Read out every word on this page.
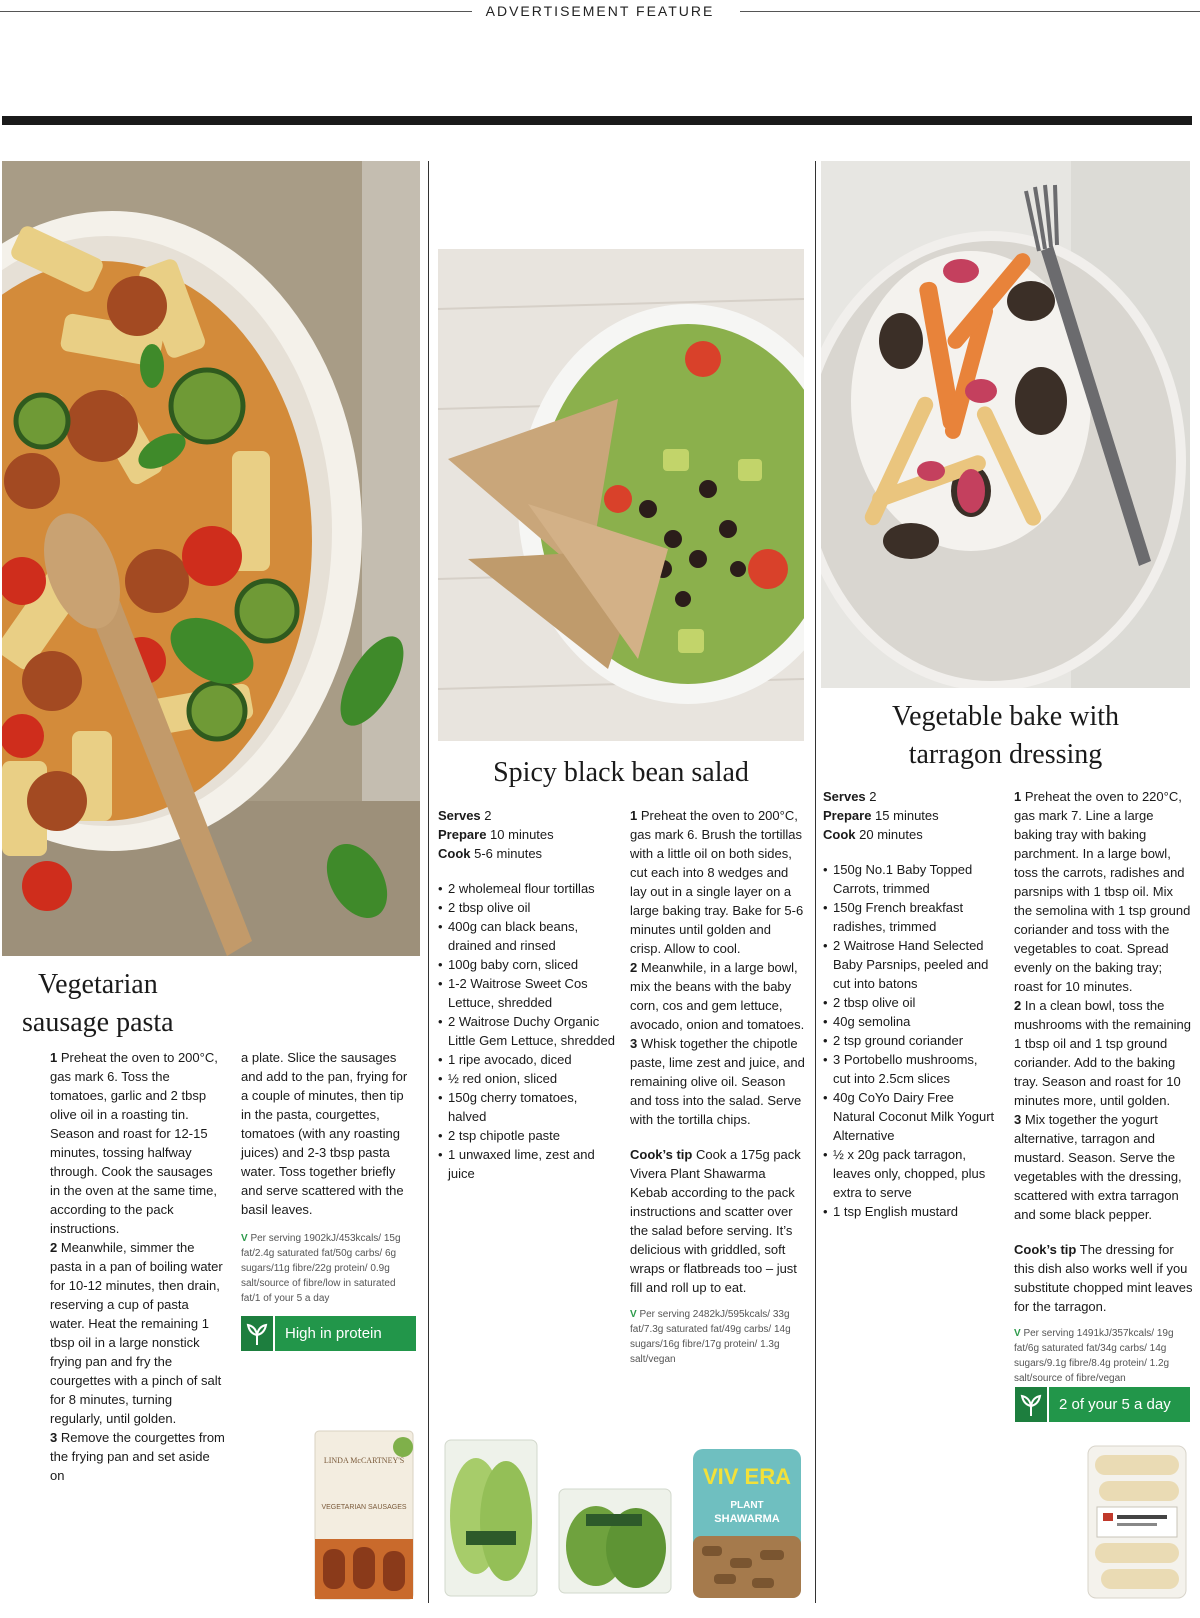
ADVERTISEMENT FEATURE
Vegetarian
sausage pasta

1 Preheat the oven to 200°C, gas mark 6. Toss the tomatoes, garlic and 2 tbsp olive oil in a roasting tin. Season and roast for 12-15 minutes, tossing halfway through. Cook the sausages in the oven at the same time, according to the pack instructions.

2 Meanwhile, simmer the pasta in a pan of boiling water for 10-12 minutes, then drain, reserving a cup of pasta water. Heat the remaining 1 tbsp oil in a large nonstick frying pan and fry the courgettes with a pinch of salt for 8 minutes, turning regularly, until golden.

3 Remove the courgettes from the frying pan and set aside on

a plate. Slice the sausages and add to the pan, frying for a couple of minutes, then tip in the pasta, courgettes, tomatoes (with any roasting juices) and 2-3 tbsp pasta water. Toss together briefly and serve scattered with the basil leaves.

V Per serving 1902kJ/453kcals/ 15g fat/2.4g saturated fat/50g carbs/ 6g sugars/11g fibre/22g protein/ 0.9g salt/source of fibre/low in saturated fat/1 of your 5 a day

High in protein
LINDA McCARTNEY'S
VEGETARIAN SAUSAGES
Spicy black bean salad
Serves 2
Prepare 10 minutes
Cook 5-6 minutes
• 2 wholemeal flour tortillas
• 2 tbsp olive oil
• 400g can black beans, drained and rinsed
• 100g baby corn, sliced
• 1-2 Waitrose Sweet Cos Lettuce, shredded
• 2 Waitrose Duchy Organic Little Gem Lettuce, shredded
• 1 ripe avocado, diced
• ½ red onion, sliced
• 150g cherry tomatoes, halved
• 2 tsp chipotle paste
• 1 unwaxed lime, zest and juice

1 Preheat the oven to 200°C, gas mark 6. Brush the tortillas with a little oil on both sides, cut each into 8 wedges and lay out in a single layer on a large baking tray. Bake for 5-6 minutes until golden and crisp. Allow to cool.

2 Meanwhile, in a large bowl, mix the beans with the baby corn, cos and gem lettuce, avocado, onion and tomatoes.

3 Whisk together the chipotle paste, lime zest and juice, and remaining olive oil. Season and toss into the salad. Serve with the tortilla chips.

Cook’s tip Cook a 175g pack Vivera Plant Shawarma Kebab according to the pack instructions and scatter over the salad before serving. It’s delicious with griddled, soft wraps or flatbreads too – just fill and roll up to eat.

V Per serving 2482kJ/595kcals/ 33g fat/7.3g saturated fat/49g carbs/ 14g sugars/16g fibre/17g protein/ 1.3g salt/vegan

VIV ERA
PLANT
SHAWARMA
Vegetable bake with
tarragon dressing
Serves 2
Prepare 15 minutes
Cook 20 minutes
• 150g No.1 Baby Topped Carrots, trimmed
• 150g French breakfast radishes, trimmed
• 2 Waitrose Hand Selected Baby Parsnips, peeled and cut into batons
• 2 tbsp olive oil
• 40g semolina
• 2 tsp ground coriander
• 3 Portobello mushrooms, cut into 2.5cm slices
• 40g CoYo Dairy Free Natural Coconut Milk Yogurt Alternative
• ½ x 20g pack tarragon, leaves only, chopped, plus extra to serve
• 1 tsp English mustard

1 Preheat the oven to 220°C, gas mark 7. Line a large baking tray with baking parchment. In a large bowl, toss the carrots, radishes and parsnips with 1 tbsp oil. Mix the semolina with 1 tsp ground coriander and toss with the vegetables to coat. Spread evenly on the baking tray; roast for 10 minutes.

2 In a clean bowl, toss the mushrooms with the remaining 1 tbsp oil and 1 tsp ground coriander. Add to the baking tray. Season and roast for 10 minutes more, until golden.

3 Mix together the yogurt alternative, tarragon and mustard. Season. Serve the vegetables with the dressing, scattered with extra tarragon and some black pepper.

Cook’s tip The dressing for this dish also works well if you substitute chopped mint leaves for the tarragon.

V Per serving 1491kJ/357kcals/ 19g fat/6g saturated fat/34g carbs/ 14g sugars/9.1g fibre/8.4g protein/ 1.2g salt/source of fibre/vegan

2 of your 5 a day
